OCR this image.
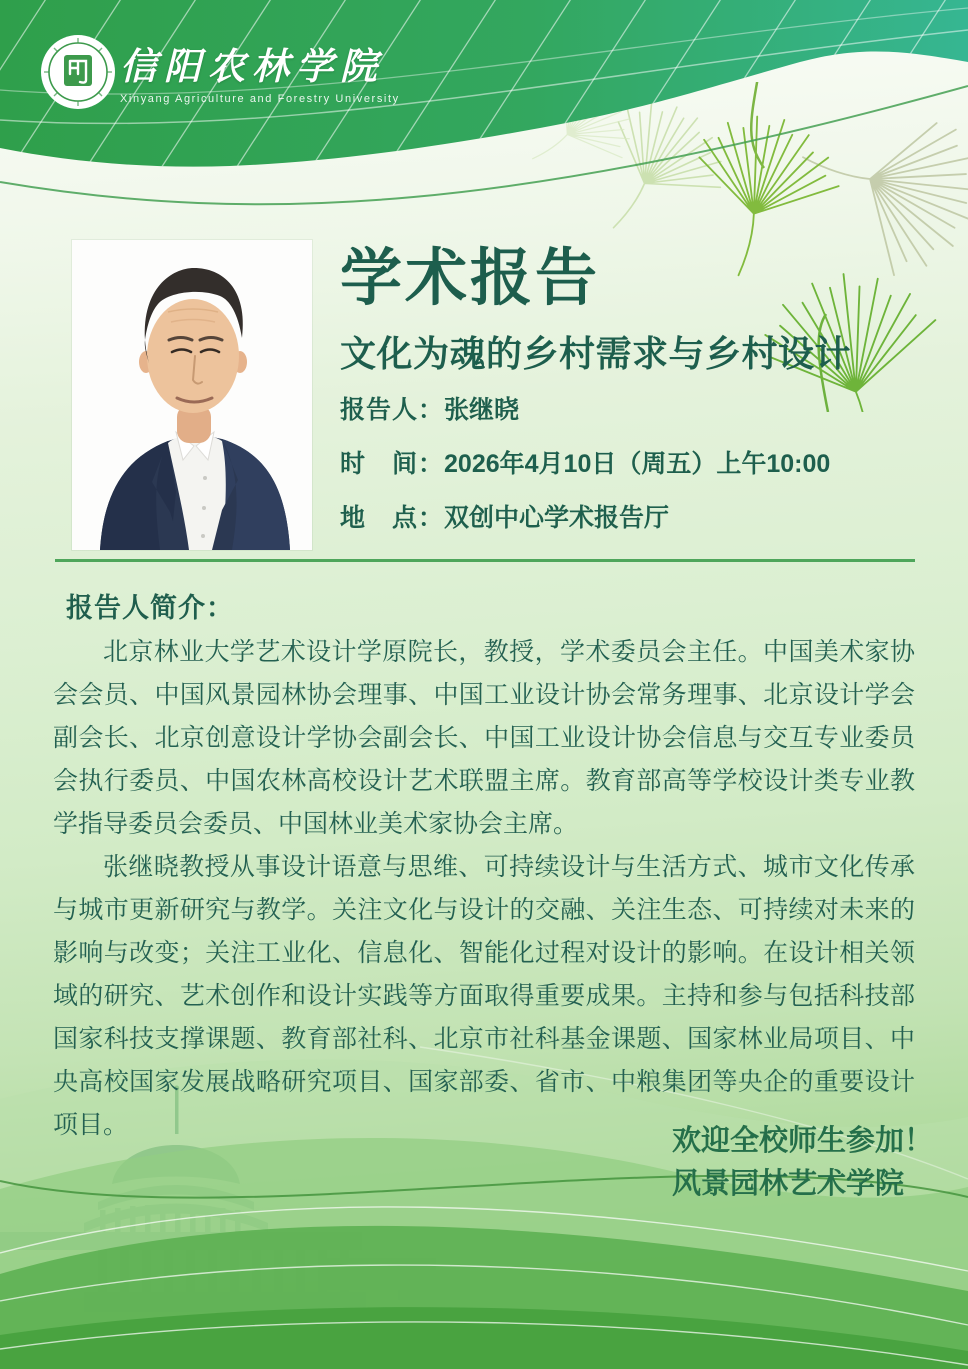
信阳农林学院
Xinyang Agriculture and Forestry University
学术报告
文化为魂的乡村需求与乡村设计
报告人：张继晓
时　间：2026年4月10日（周五）上午10:00
地　点：双创中心学术报告厅
报告人简介：

北京林业大学艺术设计学原院长，教授，学术委员会主任。中国美术家协会会员、中国风景园林协会理事、中国工业设计协会常务理事、北京设计学会副会长、北京创意设计学协会副会长、中国工业设计协会信息与交互专业委员会执行委员、中国农林高校设计艺术联盟主席。教育部高等学校设计类专业教学指导委员会委员、中国林业美术家协会主席。

张继晓教授从事设计语意与思维、可持续设计与生活方式、城市文化传承与城市更新研究与教学。关注文化与设计的交融、关注生态、可持续对未来的影响与改变；关注工业化、信息化、智能化过程对设计的影响。在设计相关领域的研究、艺术创作和设计实践等方面取得重要成果。主持和参与包括科技部国家科技支撑课题、教育部社科、北京市社科基金课题、国家林业局项目、中央高校国家发展战略研究项目、国家部委、省市、中粮集团等央企的重要设计项目。	欢迎全校师生参加！
风景园林艺术学院
